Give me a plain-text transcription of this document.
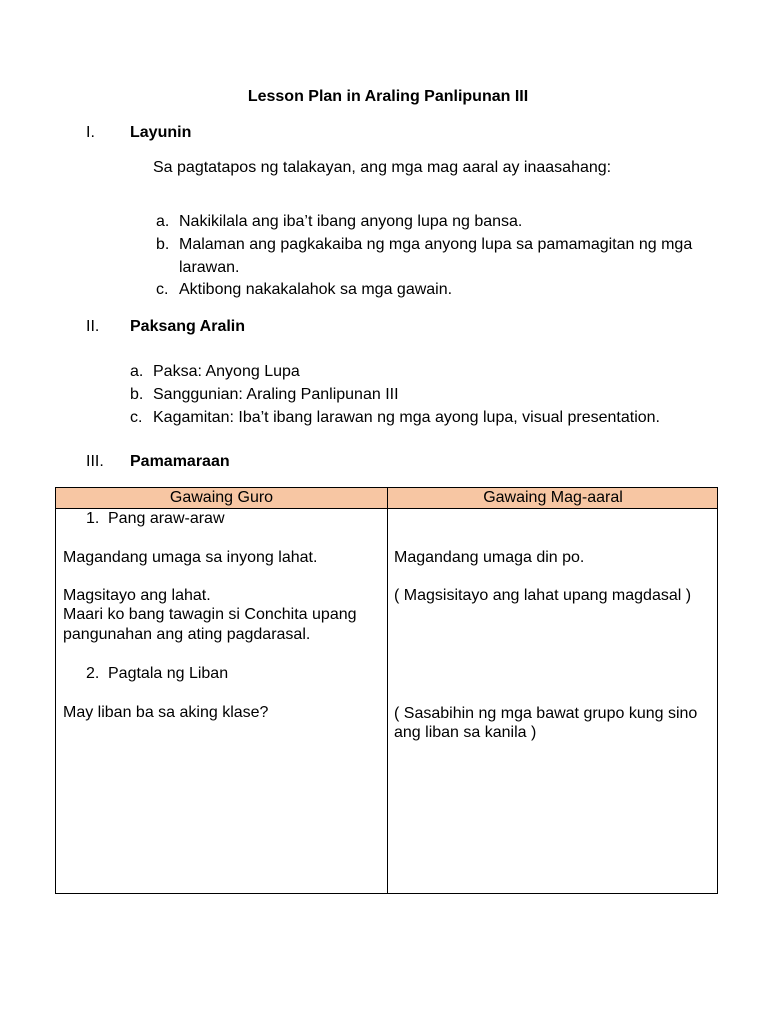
Lesson Plan in Araling Panlipunan III

I. Layunin

Sa pagtatapos ng talakayan, ang mga mag aaral ay inaasahang:

a. Nakikilala ang iba’t ibang anyong lupa ng bansa.
b. Malaman ang pagkakaiba ng mga anyong lupa sa pamamagitan ng mga larawan.
c. Aktibong nakakalahok sa mga gawain.

II. Paksang Aralin

a. Paksa: Anyong Lupa
b. Sanggunian: Araling Panlipunan III
c. Kagamitan: Iba’t ibang larawan ng mga ayong lupa, visual presentation.

III. Pamamaraan

Gawaing Guro	Gawaing Mag-aaral
1. Pang araw-araw
Magandang umaga sa inyong lahat.
Magsitayo ang lahat.
Maari ko bang tawagin si Conchita upang
pangunahan ang ating pagdarasal.
2. Pagtala ng Liban
May liban ba sa aking klase?
Magandang umaga din po.
( Magsisitayo ang lahat upang magdasal )
( Sasabihin ng mga bawat grupo kung sino ang liban sa kanila )
